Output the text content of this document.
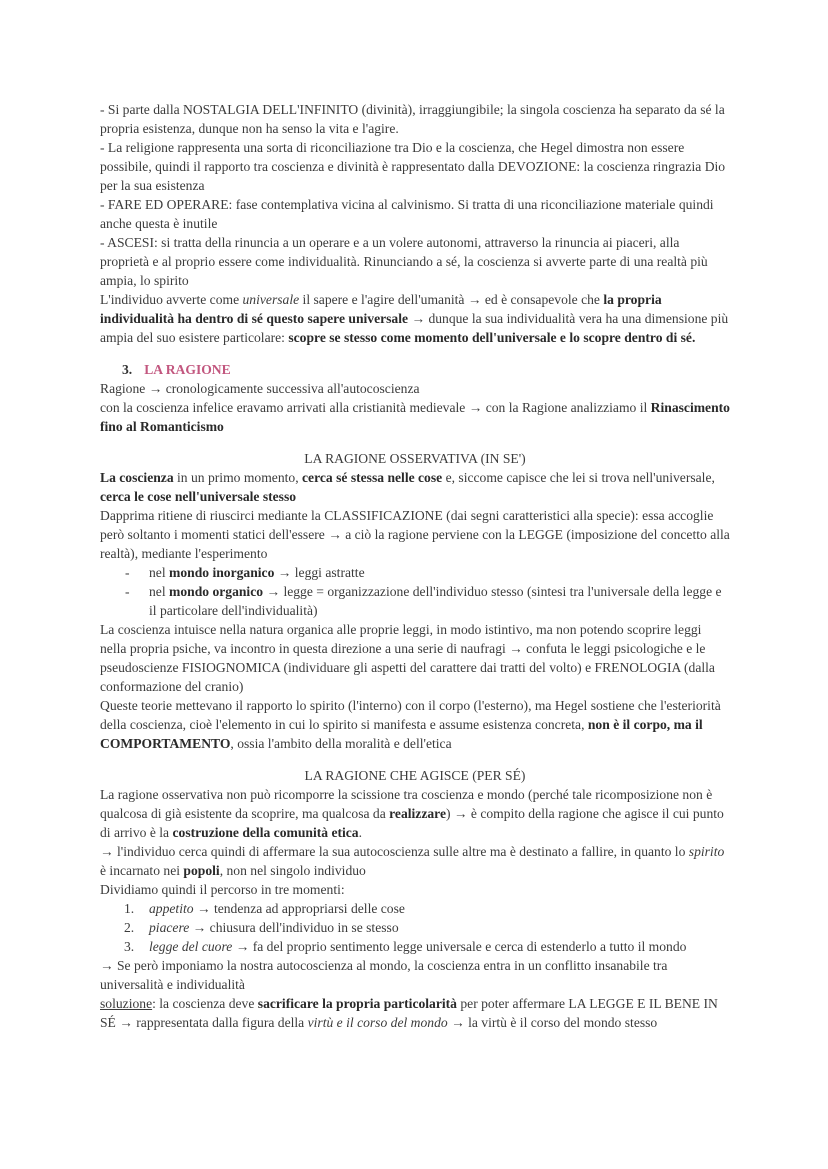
- Si parte dalla NOSTALGIA DELL'INFINITO (divinità), irraggiungibile; la singola coscienza ha separato da sé la propria esistenza, dunque non ha senso la vita e l'agire.

- La religione rappresenta una sorta di riconciliazione tra Dio e la coscienza, che Hegel dimostra non essere possibile, quindi il rapporto tra coscienza e divinità è rappresentato dalla DEVOZIONE: la coscienza ringrazia Dio per la sua esistenza

- FARE ED OPERARE: fase contemplativa vicina al calvinismo. Si tratta di una riconciliazione materiale quindi anche questa è inutile

- ASCESI: si tratta della rinuncia a un operare e a un volere autonomi, attraverso la rinuncia ai piaceri, alla proprietà e al proprio essere come individualità. Rinunciando a sé, la coscienza si avverte parte di una realtà più ampia, lo spirito

L'individuo avverte come universale il sapere e l'agire dell'umanità → ed è consapevole che la propria individualità ha dentro di sé questo sapere universale → dunque la sua individualità vera ha una dimensione più ampia del suo esistere particolare: scopre se stesso come momento dell'universale e lo scopre dentro di sé.

3. LA RAGIONE

Ragione → cronologicamente successiva all'autocoscienza

con la coscienza infelice eravamo arrivati alla cristianità medievale → con la Ragione analizziamo il Rinascimento fino al Romanticismo

LA RAGIONE OSSERVATIVA (IN SE')

La coscienza in un primo momento, cerca sé stessa nelle cose e, siccome capisce che lei si trova nell'universale, cerca le cose nell'universale stesso

Dapprima ritiene di riuscirci mediante la CLASSIFICAZIONE (dai segni caratteristici alla specie): essa accoglie però soltanto i momenti statici dell'essere → a ciò la ragione perviene con la LEGGE (imposizione del concetto alla realtà), mediante l'esperimento

- nel mondo inorganico → leggi astratte

- nel mondo organico → legge = organizzazione dell'individuo stesso (sintesi tra l'universale della legge e il particolare dell'individualità)

La coscienza intuisce nella natura organica alle proprie leggi, in modo istintivo, ma non potendo scoprire leggi nella propria psiche, va incontro in questa direzione a una serie di naufragi → confuta le leggi psicologiche e le pseudoscienze FISIOGNOMICA (individuare gli aspetti del carattere dai tratti del volto) e FRENOLOGIA (dalla conformazione del cranio)

Queste teorie mettevano il rapporto lo spirito (l'interno) con il corpo (l'esterno), ma Hegel sostiene che l'esteriorità della coscienza, cioè l'elemento in cui lo spirito si manifesta e assume esistenza concreta, non è il corpo, ma il COMPORTAMENTO, ossia l'ambito della moralità e dell'etica

LA RAGIONE CHE AGISCE (PER SÉ)

La ragione osservativa non può ricomporre la scissione tra coscienza e mondo (perché tale ricomposizione non è qualcosa di già esistente da scoprire, ma qualcosa da realizzare) → è compito della ragione che agisce il cui punto di arrivo è la costruzione della comunità etica.

→ l'individuo cerca quindi di affermare la sua autocoscienza sulle altre ma è destinato a fallire, in quanto lo spirito è incarnato nei popoli, non nel singolo individuo

Dividiamo quindi il percorso in tre momenti:

1. appetito → tendenza ad appropriarsi delle cose

2. piacere → chiusura dell'individuo in se stesso

3. legge del cuore → fa del proprio sentimento legge universale e cerca di estenderlo a tutto il mondo

→ Se però imponiamo la nostra autocoscienza al mondo, la coscienza entra in un conflitto insanabile tra universalità e individualità

soluzione: la coscienza deve sacrificare la propria particolarità per poter affermare LA LEGGE E IL BENE IN SÉ → rappresentata dalla figura della virtù e il corso del mondo → la virtù è il corso del mondo stesso
